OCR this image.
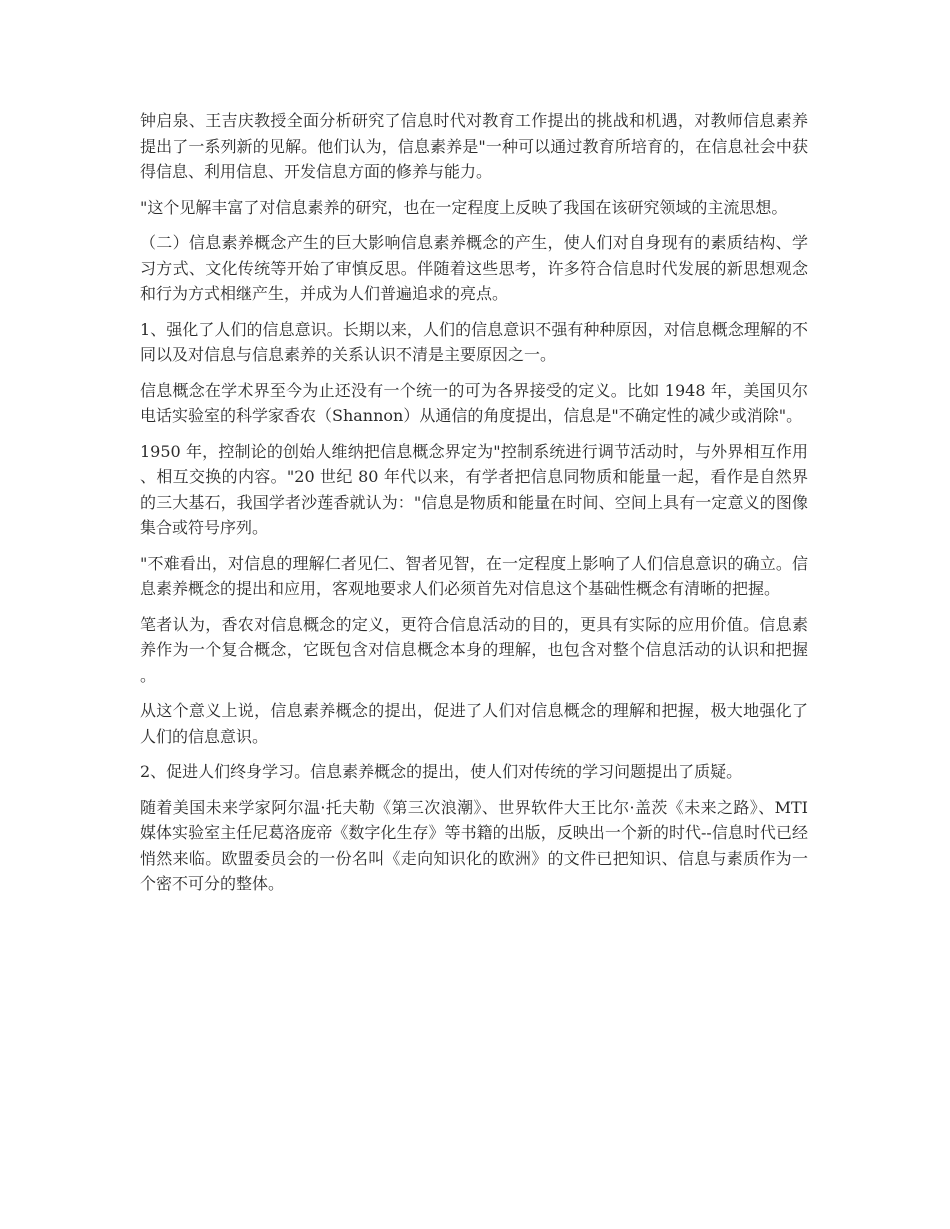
钟启泉、王吉庆教授全面分析研究了信息时代对教育工作提出的挑战和机遇，对教师信息素养提出了一系列新的见解。他们认为，信息素养是"一种可以通过教育所培育的，在信息社会中获得信息、利用信息、开发信息方面的修养与能力。

"这个见解丰富了对信息素养的研究，也在一定程度上反映了我国在该研究领域的主流思想。

（二）信息素养概念产生的巨大影响信息素养概念的产生，使人们对自身现有的素质结构、学习方式、文化传统等开始了审慎反思。伴随着这些思考，许多符合信息时代发展的新思想观念和行为方式相继产生，并成为人们普遍追求的亮点。

1、强化了人们的信息意识。长期以来，人们的信息意识不强有种种原因，对信息概念理解的不同以及对信息与信息素养的关系认识不清是主要原因之一。

信息概念在学术界至今为止还没有一个统一的可为各界接受的定义。比如 1948 年，美国贝尔电话实验室的科学家香农（Shannon）从通信的角度提出，信息是"不确定性的减少或消除"。

1950 年，控制论的创始人维纳把信息概念界定为"控制系统进行调节活动时，与外界相互作用、相互交换的内容。"20 世纪 80 年代以来，有学者把信息同物质和能量一起，看作是自然界的三大基石，我国学者沙莲香就认为："信息是物质和能量在时间、空间上具有一定意义的图像集合或符号序列。

"不难看出，对信息的理解仁者见仁、智者见智，在一定程度上影响了人们信息意识的确立。信息素养概念的提出和应用，客观地要求人们必须首先对信息这个基础性概念有清晰的把握。

笔者认为，香农对信息概念的定义，更符合信息活动的目的，更具有实际的应用价值。信息素养作为一个复合概念，它既包含对信息概念本身的理解，也包含对整个信息活动的认识和把握。

从这个意义上说，信息素养概念的提出，促进了人们对信息概念的理解和把握，极大地强化了人们的信息意识。

2、促进人们终身学习。信息素养概念的提出，使人们对传统的学习问题提出了质疑。

随着美国未来学家阿尔温·托夫勒《第三次浪潮》、世界软件大王比尔·盖茨《未来之路》、MTI 媒体实验室主任尼葛洛庞帝《数字化生存》等书籍的出版，反映出一个新的时代--信息时代已经悄然来临。欧盟委员会的一份名叫《走向知识化的欧洲》的文件已把知识、信息与素质作为一个密不可分的整体。
